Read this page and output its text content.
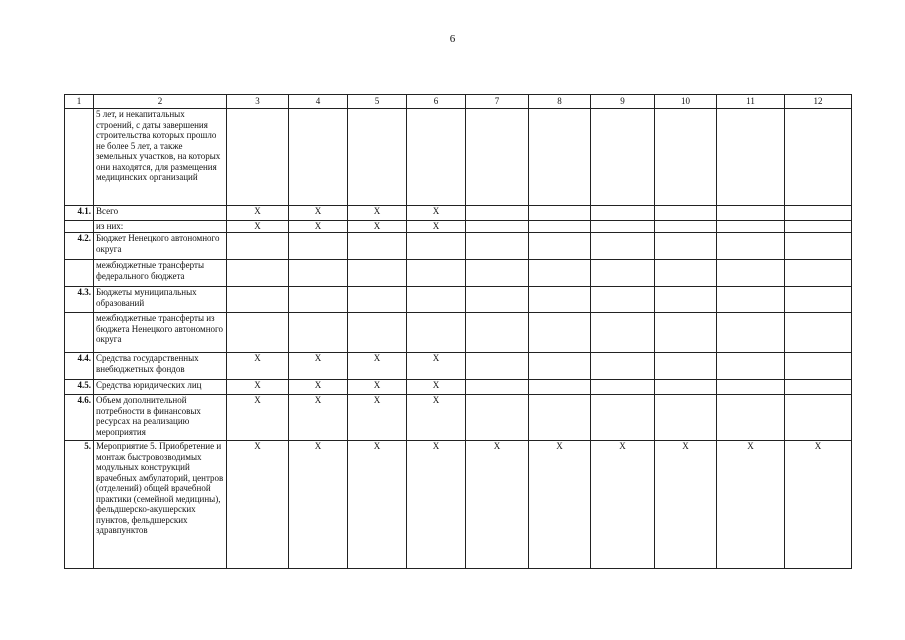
6
1	2	3	4	5	6	7	8	9	10	11	12
	5 лет, и некапитальных строений, с даты завершения строительства которых прошло не более 5 лет, а также земельных участков, на которых они находятся, для размещения медицинских организаций										
4.1.	Всего	X	X	X	X						
	из них:	X	X	X	X						
4.2.	Бюджет Ненецкого автономного округа										
	межбюджетные трансферты федерального бюджета										
4.3.	Бюджеты муниципальных образований										
	межбюджетные трансферты из бюджета Ненецкого автономного округа										
4.4.	Средства государственных внебюджетных фондов	X	X	X	X						
4.5.	Средства юридических лиц	X	X	X	X						
4.6.	Объем дополнительной потребности в финансовых ресурсах на реализацию мероприятия	X	X	X	X						
5.	Мероприятие 5. Приобретение и монтаж быстровозводимых модульных конструкций врачебных амбулаторий, центров (отделений) общей врачебной практики (семейной медицины), фельдшерско-акушерских пунктов, фельдшерских здравпунктов	X	X	X	X	X	X	X	X	X	X
